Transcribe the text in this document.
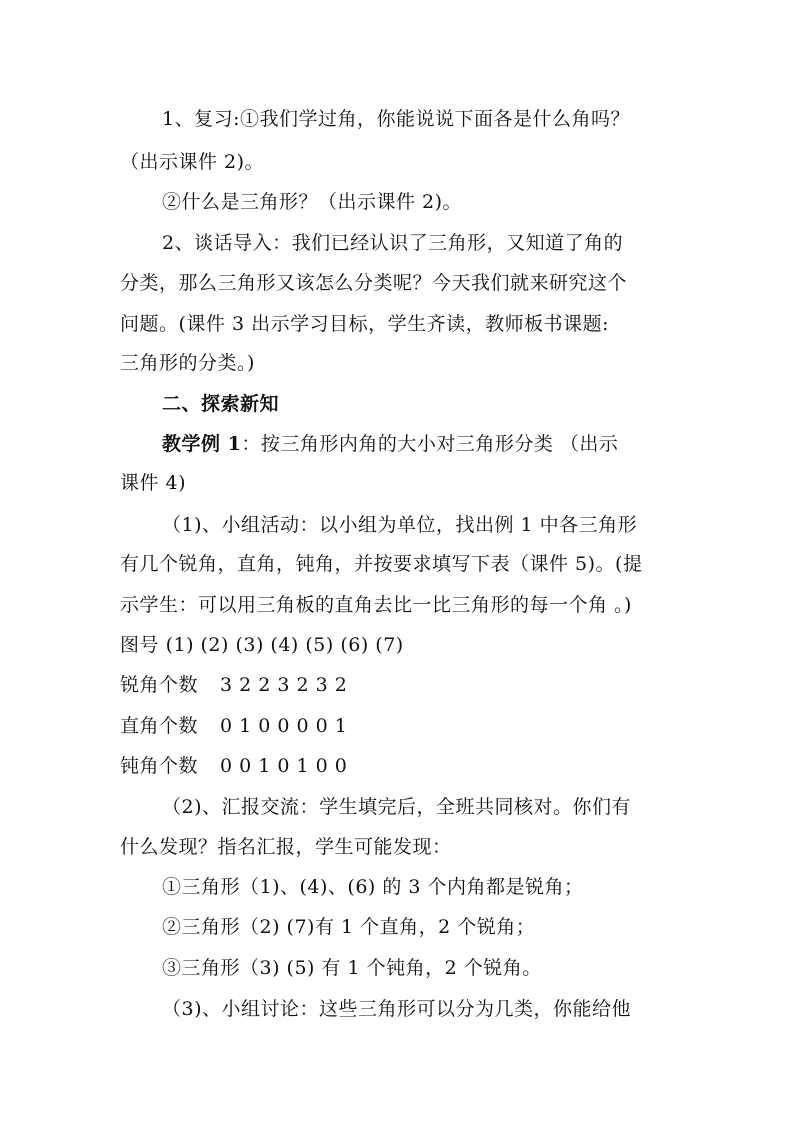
1、复习:①我们学过角，你能说说下面各是什么角吗？
（出示课件 2)。
②什么是三角形？（出示课件 2)。
2、谈话导入：我们已经认识了三角形，又知道了角的
分类，那么三角形又该怎么分类呢？今天我们就来研究这个
问题。(课件 3 出示学习目标，学生齐读，教师板书课题:
三角形的分类。)
二、探索新知
教学例 1：按三角形内角的大小对三角形分类 （出示
课件 4)
（1)、小组活动：以小组为单位，找出例 1 中各三角形
有几个锐角，直角，钝角，并按要求填写下表（课件 5)。(提
示学生：可以用三角板的直角去比一比三角形的每一个角 。)
图号 (1) (2) (3) (4) (5) (6) (7)
锐角个数 3 2 2 3 2 3 2
直角个数 0 1 0 0 0 0 1
钝角个数 0 0 1 0 1 0 0
（2)、汇报交流：学生填完后，全班共同核对。你们有
什么发现？指名汇报，学生可能发现：
①三角形（1)、(4)、(6) 的 3 个内角都是锐角；
②三角形（2) (7)有 1 个直角，2 个锐角；
③三角形（3) (5) 有 1 个钝角，2 个锐角。
（3)、小组讨论：这些三角形可以分为几类，你能给他
